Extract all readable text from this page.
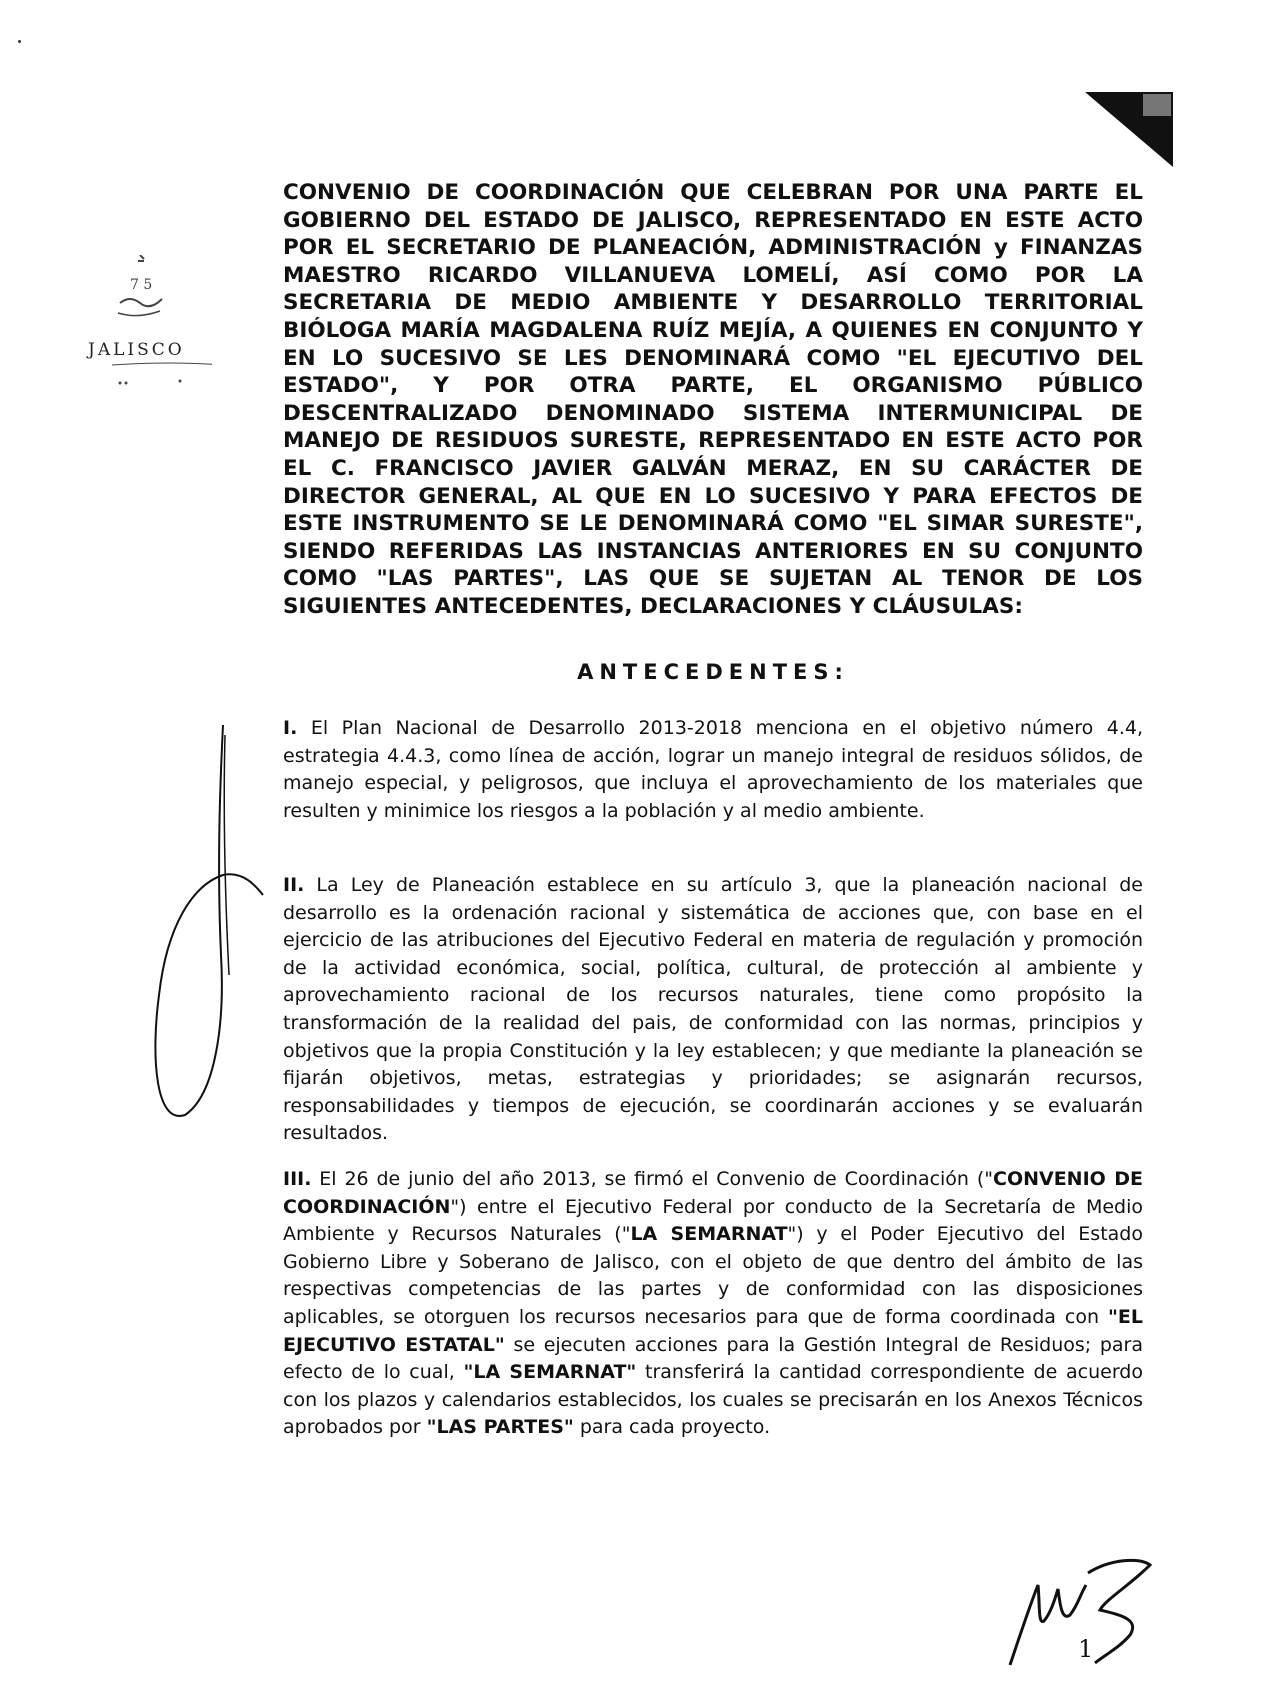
7 5
JALISCO

CONVENIO DE COORDINACIÓN QUE CELEBRAN POR UNA PARTE EL GOBIERNO DEL ESTADO DE JALISCO, REPRESENTADO EN ESTE ACTO POR EL SECRETARIO DE PLANEACIÓN, ADMINISTRACIÓN y FINANZAS MAESTRO RICARDO VILLANUEVA LOMELÍ, ASÍ COMO POR LA SECRETARIA DE MEDIO AMBIENTE Y DESARROLLO TERRITORIAL BIÓLOGA MARÍA MAGDALENA RUÍZ MEJÍA, A QUIENES EN CONJUNTO Y EN LO SUCESIVO SE LES DENOMINARÁ COMO "EL EJECUTIVO DEL ESTADO", Y POR OTRA PARTE, EL ORGANISMO PÚBLICO DESCENTRALIZADO DENOMINADO SISTEMA INTERMUNICIPAL DE MANEJO DE RESIDUOS SURESTE, REPRESENTADO EN ESTE ACTO POR EL C. FRANCISCO JAVIER GALVÁN MERAZ, EN SU CARÁCTER DE DIRECTOR GENERAL, AL QUE EN LO SUCESIVO Y PARA EFECTOS DE ESTE INSTRUMENTO SE LE DENOMINARÁ COMO "EL SIMAR SURESTE", SIENDO REFERIDAS LAS INSTANCIAS ANTERIORES EN SU CONJUNTO COMO "LAS PARTES", LAS QUE SE SUJETAN AL TENOR DE LOS SIGUIENTES ANTECEDENTES, DECLARACIONES Y CLÁUSULAS:

ANTECEDENTES:

I. El Plan Nacional de Desarrollo 2013-2018 menciona en el objetivo número 4.4, estrategia 4.4.3, como línea de acción, lograr un manejo integral de residuos sólidos, de manejo especial, y peligrosos, que incluya el aprovechamiento de los materiales que resulten y minimice los riesgos a la población y al medio ambiente.

II. La Ley de Planeación establece en su artículo 3, que la planeación nacional de desarrollo es la ordenación racional y sistemática de acciones que, con base en el ejercicio de las atribuciones del Ejecutivo Federal en materia de regulación y promoción de la actividad económica, social, política, cultural, de protección al ambiente y aprovechamiento racional de los recursos naturales, tiene como propósito la transformación de la realidad del pais, de conformidad con las normas, principios y objetivos que la propia Constitución y la ley establecen; y que mediante la planeación se fijarán objetivos, metas, estrategias y prioridades; se asignarán recursos, responsabilidades y tiempos de ejecución, se coordinarán acciones y se evaluarán resultados.

III. El 26 de junio del año 2013, se firmó el Convenio de Coordinación ("CONVENIO DE COORDINACIÓN") entre el Ejecutivo Federal por conducto de la Secretaría de Medio Ambiente y Recursos Naturales ("LA SEMARNAT") y el Poder Ejecutivo del Estado Gobierno Libre y Soberano de Jalisco, con el objeto de que dentro del ámbito de las respectivas competencias de las partes y de conformidad con las disposiciones aplicables, se otorguen los recursos necesarios para que de forma coordinada con "EL EJECUTIVO ESTATAL" se ejecuten acciones para la Gestión Integral de Residuos; para efecto de lo cual, "LA SEMARNAT" transferirá la cantidad correspondiente de acuerdo con los plazos y calendarios establecidos, los cuales se precisarán en los Anexos Técnicos aprobados por "LAS PARTES" para cada proyecto.

1
